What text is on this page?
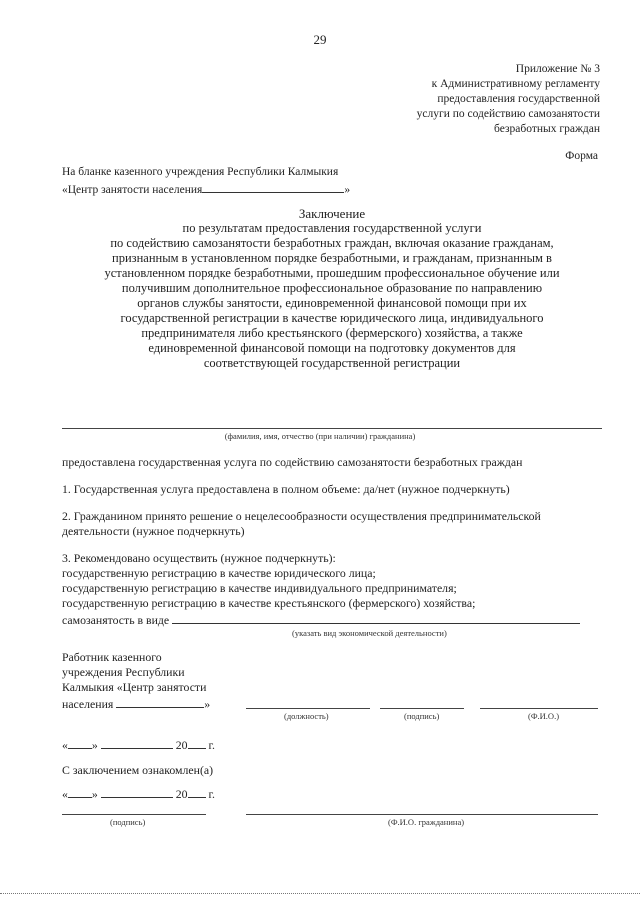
29
Приложение № 3
к Административному регламенту
предоставления государственной
услуги по содействию самозанятости
безработных граждан
Форма
На бланке казенного учреждения Республики Калмыкия
«Центр занятости населения	»
Заключение
по результатам предоставления государственной услуги
по содействию самозанятости безработных граждан, включая оказание гражданам,
признанным в установленном порядке безработными, и гражданам, признанным в
установленном порядке безработными, прошедшим профессиональное обучение или
получившим дополнительное профессиональное образование по направлению
органов службы занятости, единовременной финансовой помощи при их
государственной регистрации в качестве юридического лица, индивидуального
предпринимателя либо крестьянского (фермерского) хозяйства, а также
единовременной финансовой помощи на подготовку документов для
соответствующей государственной регистрации
(фамилия, имя, отчество (при наличии) гражданина)
предоставлена государственная услуга по содействию самозанятости безработных граждан
1. Государственная услуга предоставлена в полном объеме: да/нет (нужное подчеркнуть)
2. Гражданином принято решение о нецелесообразности осуществления предпринимательской
деятельности (нужное подчеркнуть)
3. Рекомендовано осуществить (нужное подчеркнуть):
государственную регистрацию в качестве юридического лица;
государственную регистрацию в качестве индивидуального предпринимателя;
государственную регистрацию в качестве крестьянского (фермерского) хозяйства;
самозанятость в виде
(указать вид экономической деятельности)
Работник казенного
учреждения Республики
Калмыкия «Центр занятости
населения	»
(должность)	(подпись)	(Ф.И.О.)
« »	20 г.
С заключением ознакомлен(а)
« »	20 г.
(подпись)	(Ф.И.О. гражданина)
